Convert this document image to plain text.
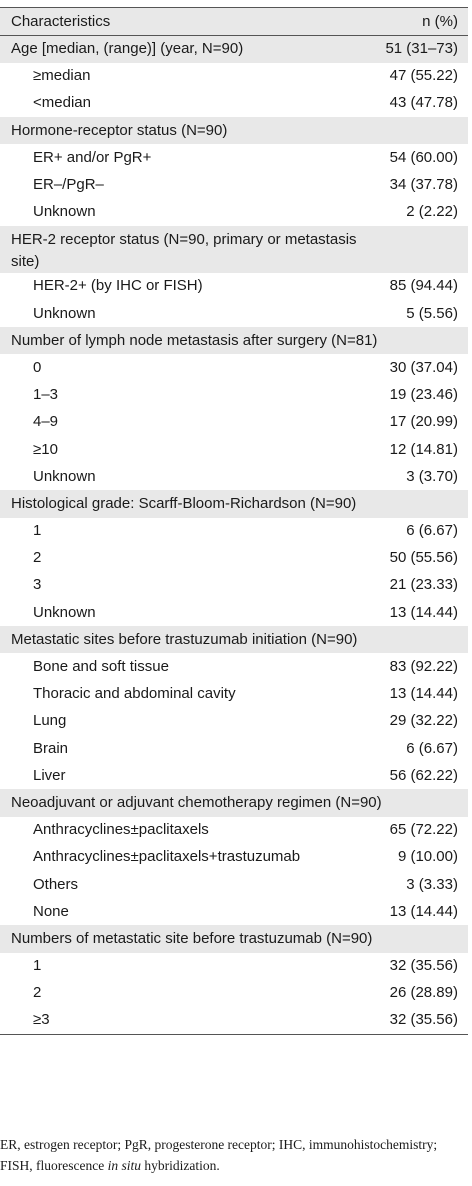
Characteristics	n (%)
Age [median, (range)] (year, N=90)	51 (31–73)
≥median	47 (55.22)
<median	43 (47.78)
Hormone-receptor status (N=90)	
ER+ and/or PgR+	54 (60.00)
ER–/PgR–	34 (37.78)
Unknown	2 (2.22)
HER-2 receptor status (N=90, primary or metastasis site)	
HER-2+ (by IHC or FISH)	85 (94.44)
Unknown	5 (5.56)
Number of lymph node metastasis after surgery (N=81)	
0	30 (37.04)
1–3	19 (23.46)
4–9	17 (20.99)
≥10	12 (14.81)
Unknown	3 (3.70)
Histological grade: Scarff-Bloom-Richardson (N=90)	
1	6 (6.67)
2	50 (55.56)
3	21 (23.33)
Unknown	13 (14.44)
Metastatic sites before trastuzumab initiation (N=90)	
Bone and soft tissue	83 (92.22)
Thoracic and abdominal cavity	13 (14.44)
Lung	29 (32.22)
Brain	6 (6.67)
Liver	56 (62.22)
Neoadjuvant or adjuvant chemotherapy regimen (N=90)	
Anthracyclines±paclitaxels	65 (72.22)
Anthracyclines±paclitaxels+trastuzumab	9 (10.00)
Others	3 (3.33)
None	13 (14.44)
Numbers of metastatic site before trastuzumab (N=90)	
1	32 (35.56)
2	26 (28.89)
≥3	32 (35.56)

ER, estrogen receptor; PgR, progesterone receptor; IHC, immunohistochemistry; FISH, fluorescence in situ hybridization.
